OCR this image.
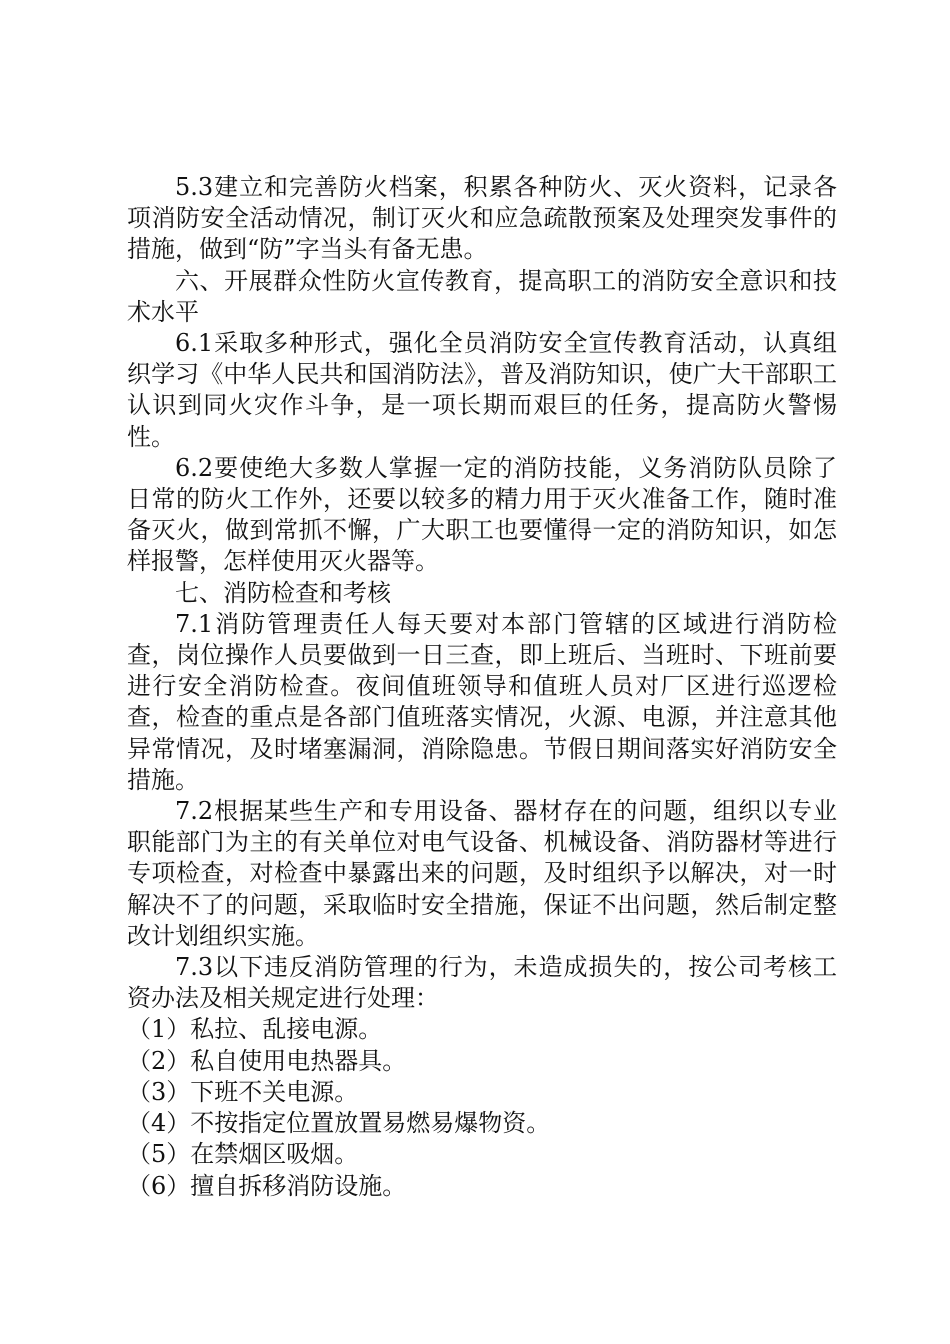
5.3建立和完善防火档案，积累各种防火、灭火资料，记录各项消防安全活动情况，制订灭火和应急疏散预案及处理突发事件的措施，做到“防”字当头有备无患。

六、开展群众性防火宣传教育，提高职工的消防安全意识和技术水平

6.1采取多种形式，强化全员消防安全宣传教育活动，认真组织学习《中华人民共和国消防法》，普及消防知识，使广大干部职工认识到同火灾作斗争，是一项长期而艰巨的任务，提高防火警惕性。

6.2要使绝大多数人掌握一定的消防技能，义务消防队员除了日常的防火工作外，还要以较多的精力用于灭火准备工作，随时准备灭火，做到常抓不懈，广大职工也要懂得一定的消防知识，如怎样报警，怎样使用灭火器等。

七、消防检查和考核

7.1消防管理责任人每天要对本部门管辖的区域进行消防检查，岗位操作人员要做到一日三查，即上班后、当班时、下班前要进行安全消防检查。夜间值班领导和值班人员对厂区进行巡逻检查，检查的重点是各部门值班落实情况，火源、电源，并注意其他异常情况，及时堵塞漏洞，消除隐患。节假日期间落实好消防安全措施。

7.2根据某些生产和专用设备、器材存在的问题，组织以专业职能部门为主的有关单位对电气设备、机械设备、消防器材等进行专项检查，对检查中暴露出来的问题，及时组织予以解决，对一时解决不了的问题，采取临时安全措施，保证不出问题，然后制定整改计划组织实施。

7.3以下违反消防管理的行为，未造成损失的，按公司考核工资办法及相关规定进行处理：

（1）私拉、乱接电源。

（2）私自使用电热器具。

（3）下班不关电源。

（4）不按指定位置放置易燃易爆物资。

（5）在禁烟区吸烟。

（6）擅自拆移消防设施。
